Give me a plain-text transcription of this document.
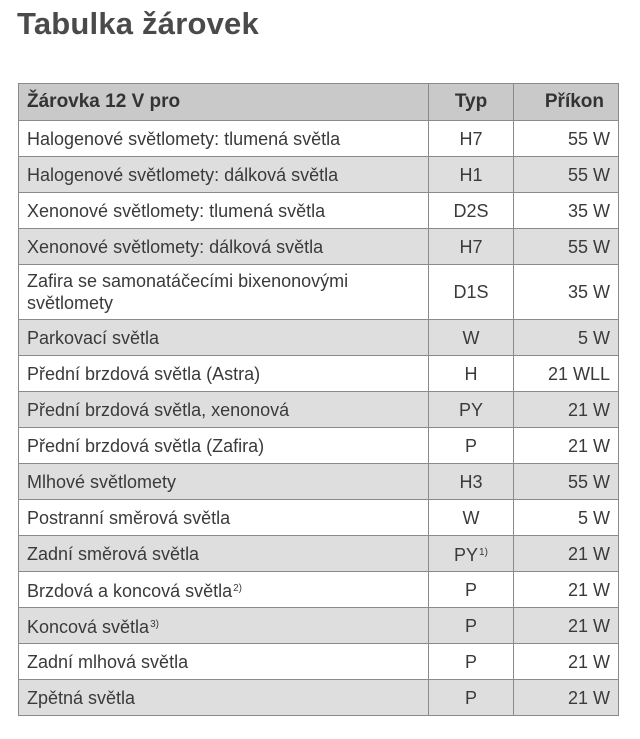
Tabulka žárovek
Žárovka 12 V pro	Typ	Příkon
Halogenové světlomety: tlumená světla	H7	55 W
Halogenové světlomety: dálková světla	H1	55 W
Xenonové světlomety: tlumená světla	D2S	35 W
Xenonové světlomety: dálková světla	H7	55 W
Zafira se samonatáčecími bixenonovými světlomety	D1S	35 W
Parkovací světla	W	5 W
Přední brzdová světla (Astra)	H	21 WLL
Přední brzdová světla, xenonová	PY	21 W
Přední brzdová světla (Zafira)	P	21 W
Mlhové světlomety	H3	55 W
Postranní směrová světla	W	5 W
Zadní směrová světla	PY$^{1)}$	21 W
Brzdová a koncová světla$^{2)}$	P	21 W
Koncová světla$^{3)}$	P	21 W
Zadní mlhová světla	P	21 W
Zpětná světla	P	21 W
